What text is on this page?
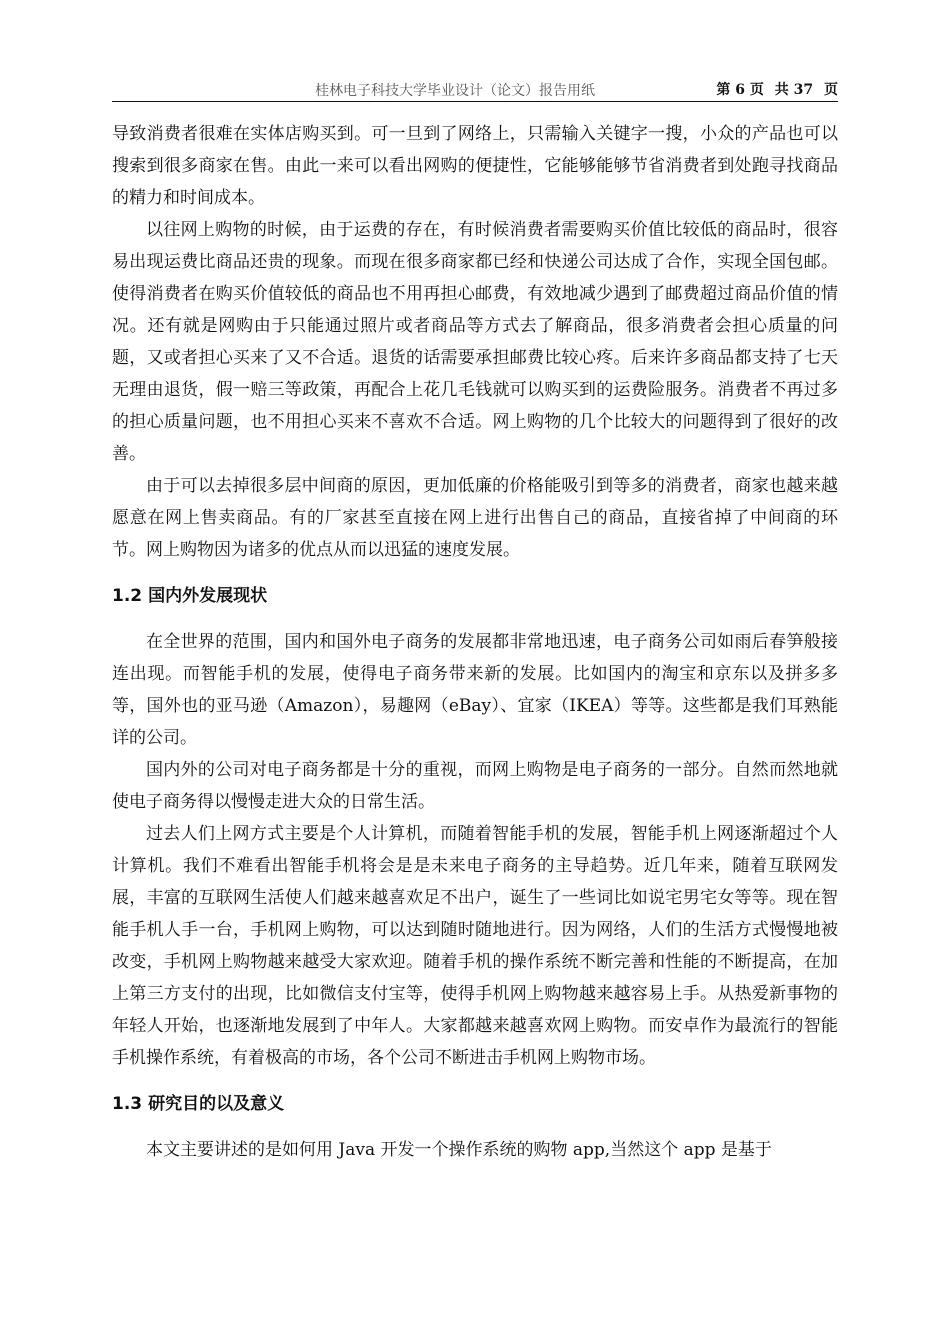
桂林电子科技大学毕业设计（论文）报告用纸	第 6 页 共 37 页

导致消费者很难在实体店购买到。可一旦到了网络上，只需输入关键字一搜，小众的产品也可以搜索到很多商家在售。由此一来可以看出网购的便捷性，它能够能够节省消费者到处跑寻找商品的精力和时间成本。

以往网上购物的时候，由于运费的存在，有时候消费者需要购买价值比较低的商品时，很容易出现运费比商品还贵的现象。而现在很多商家都已经和快递公司达成了合作，实现全国包邮。使得消费者在购买价值较低的商品也不用再担心邮费，有效地减少遇到了邮费超过商品价值的情况。还有就是网购由于只能通过照片或者商品等方式去了解商品，很多消费者会担心质量的问题，又或者担心买来了又不合适。退货的话需要承担邮费比较心疼。后来许多商品都支持了七天无理由退货，假一赔三等政策，再配合上花几毛钱就可以购买到的运费险服务。消费者不再过多的担心质量问题，也不用担心买来不喜欢不合适。网上购物的几个比较大的问题得到了很好的改善。

由于可以去掉很多层中间商的原因，更加低廉的价格能吸引到等多的消费者，商家也越来越愿意在网上售卖商品。有的厂家甚至直接在网上进行出售自己的商品，直接省掉了中间商的环节。网上购物因为诸多的优点从而以迅猛的速度发展。

1.2 国内外发展现状

在全世界的范围，国内和国外电子商务的发展都非常地迅速，电子商务公司如雨后春笋般接连出现。而智能手机的发展，使得电子商务带来新的发展。比如国内的淘宝和京东以及拼多多等，国外也的亚马逊（Amazon），易趣网（eBay）、宜家（IKEA）等等。这些都是我们耳熟能详的公司。

国内外的公司对电子商务都是十分的重视，而网上购物是电子商务的一部分。自然而然地就使电子商务得以慢慢走进大众的日常生活。

过去人们上网方式主要是个人计算机，而随着智能手机的发展，智能手机上网逐渐超过个人计算机。我们不难看出智能手机将会是是未来电子商务的主导趋势。近几年来，随着互联网发展，丰富的互联网生活使人们越来越喜欢足不出户，诞生了一些词比如说宅男宅女等等。现在智能手机人手一台，手机网上购物，可以达到随时随地进行。因为网络，人们的生活方式慢慢地被改变，手机网上购物越来越受大家欢迎。随着手机的操作系统不断完善和性能的不断提高，在加上第三方支付的出现，比如微信支付宝等，使得手机网上购物越来越容易上手。从热爱新事物的年轻人开始，也逐渐地发展到了中年人。大家都越来越喜欢网上购物。而安卓作为最流行的智能手机操作系统，有着极高的市场，各个公司不断进击手机网上购物市场。

1.3 研究目的以及意义

本文主要讲述的是如何用 Java 开发一个操作系统的购物 app,当然这个 app 是基于
